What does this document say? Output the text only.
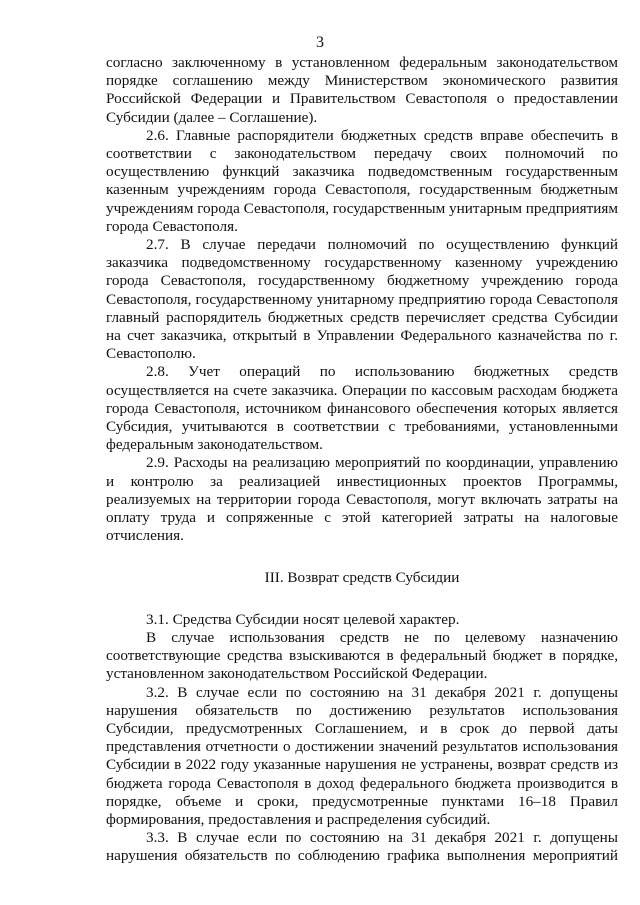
3

согласно заключенному в установленном федеральным законодательством порядке соглашению между Министерством экономического развития Российской Федерации и Правительством Севастополя о предоставлении Субсидии (далее – Соглашение).

2.6. Главные распорядители бюджетных средств вправе обеспечить в соответствии с законодательством передачу своих полномочий по осуществлению функций заказчика подведомственным государственным казенным учреждениям города Севастополя, государственным бюджетным учреждениям города Севастополя, государственным унитарным предприятиям города Севастополя.

2.7. В случае передачи полномочий по осуществлению функций заказчика подведомственному государственному казенному учреждению города Севастополя, государственному бюджетному учреждению города Севастополя, государственному унитарному предприятию города Севастополя главный распорядитель бюджетных средств перечисляет средства Субсидии на счет заказчика, открытый в Управлении Федерального казначейства по г. Севастополю.

2.8. Учет операций по использованию бюджетных средств осуществляется на счете заказчика. Операции по кассовым расходам бюджета города Севастополя, источником финансового обеспечения которых является Субсидия, учитываются в соответствии с требованиями, установленными федеральным законодательством.

2.9. Расходы на реализацию мероприятий по координации, управлению и контролю за реализацией инвестиционных проектов Программы, реализуемых на территории города Севастополя, могут включать затраты на оплату труда и сопряженные с этой категорией затраты на налоговые отчисления.

III. Возврат средств Субсидии

3.1. Средства Субсидии носят целевой характер.

В случае использования средств не по целевому назначению соответствующие средства взыскиваются в федеральный бюджет в порядке, установленном законодательством Российской Федерации.

3.2. В случае если по состоянию на 31 декабря 2021 г. допущены нарушения обязательств по достижению результатов использования Субсидии, предусмотренных Соглашением, и в срок до первой даты представления отчетности о достижении значений результатов использования Субсидии в 2022 году указанные нарушения не устранены, возврат средств из бюджета города Севастополя в доход федерального бюджета производится в порядке, объеме и сроки, предусмотренные пунктами 16–18 Правил формирования, предоставления и распределения субсидий.

3.3. В случае если по состоянию на 31 декабря 2021 г. допущены нарушения обязательств по соблюдению графика выполнения мероприятий
